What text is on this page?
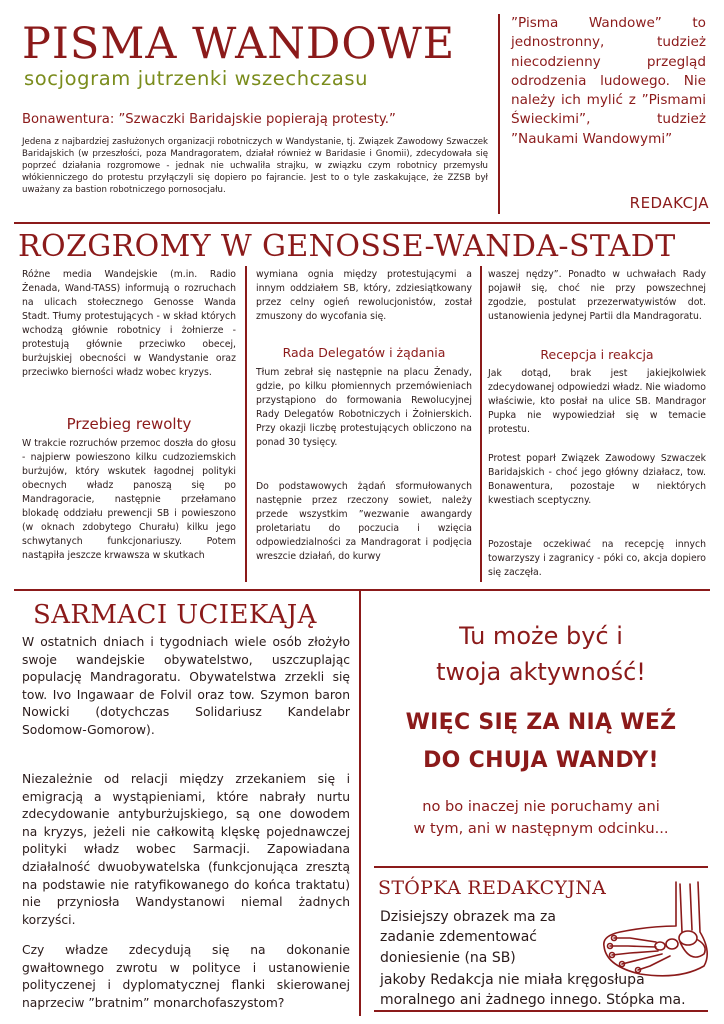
PISMA WANDOWE
socjogram jutrzenki wszechczasu
”Pisma Wandowe” to jednostronny, tudzież niecodzienny przegląd odrodzenia ludowego. Nie należy ich mylić z ”Pismami Świeckimi”, tudzież ”Naukami Wandowymi”
REDAKCJA
Bonawentura: ”Szwaczki Baridajskie popierają protesty.”

Jedena z najbardziej zasłużonych organizacji robotniczych w Wandystanie, tj. Związek Zawodowy Szwaczek Baridajskich (w przeszłości, poza Mandragoratem, działał również w Baridasie i Gnomii), zdecydowała się poprzeć działania rozgromowe - jednak nie uchwaliła strajku, w związku czym robotnicy przemysłu włókienniczego do protestu przyłączyli się dopiero po fajrancie. Jest to o tyle zaskakujące, że ZZSB był uważany za bastion robotniczego pornosocjału.

ROZGROMY W GENOSSE-WANDA-STADT

Różne media Wandejskie (m.in. Radio Żenada, Wand-TASS) informują o rozruchach na ulicach stołecznego Genosse Wanda Stadt. Tłumy protestujących - w skład których wchodzą głównie robotnicy i żołnierze - protestują głównie przeciwko obecej, burżujskiej obecności w Wandystanie oraz przeciwko bierności władz wobec kryzys.

Przebieg rewolty

W trakcie rozruchów przemoc doszła do głosu - najpierw powieszono kilku cudzoziemskich burżujów, który wskutek łagodnej polityki obecnych władz panoszą się po Mandragoracie, następnie przełamano blokadę oddziału prewencji SB i powieszono (w oknach zdobytego Churału) kilku jego schwytanych funkcjonariuszy. Potem nastąpiła jeszcze krwawsza w skutkach

wymiana ognia między protestującymi a innym oddziałem SB, który, zdziesiątkowany przez celny ogień rewolucjonistów, został zmuszony do wycofania się.

Rada Delegatów i żądania

Tłum zebrał się następnie na placu Żenady, gdzie, po kilku płomiennych przemówieniach przystąpiono do formowania Rewolucyjnej Rady Delegatów Robotniczych i Żołnierskich. Przy okazji liczbę protestujących obliczono na ponad 30 tysięcy.

Do podstawowych żądań sformułowanych następnie przez rzeczony sowiet, należy przede wszystkim ”wezwanie awangardy proletariatu do poczucia i wzięcia odpowiedzialności za Mandragorat i podjęcia wreszcie działań, do kurwy

waszej nędzy”. Ponadto w uchwałach Rady pojawił się, choć nie przy powszechnej zgodzie, postulat przezerwatywistów dot. ustanowienia jedynej Partii dla Mandragoratu.

Recepcja i reakcja

Jak dotąd, brak jest jakiejkolwiek zdecydowanej odpowiedzi władz. Nie wiadomo właściwie, kto posłał na ulice SB. Mandragor Pupka nie wypowiedział się w temacie protestu.

Protest poparł Związek Zawodowy Szwaczek Baridajskich - choć jego główny działacz, tow. Bonawentura, pozostaje w niektórych kwestiach sceptyczny.

Pozostaje oczekiwać na recepcję innych towarzyszy i zagranicy - póki co, akcja dopiero się zaczęła.

SARMACI UCIEKAJĄ

W ostatnich dniach i tygodniach wiele osób złożyło swoje wandejskie obywatelstwo, uszczuplając populację Mandragoratu. Obywatelstwa zrzekli się tow. Ivo Ingawaar de Folvil oraz tow. Szymon baron Nowicki (dotychczas Solidariusz Kandelabr Sodomow-Gomorow).

Niezależnie od relacji między zrzekaniem się i emigracją a wystąpieniami, które nabrały nurtu zdecydowanie antyburżujskiego, są one dowodem na kryzys, jeżeli nie całkowitą klęskę pojednawczej polityki władz wobec Sarmacji. Zapowiadana działalność dwuobywatelska (funkcjonująca zresztą na podstawie nie ratyfikowanego do końca traktatu) nie przyniosła Wandystanowi niemal żadnych korzyści.

Czy władze zdecydują się na dokonanie gwałtownego zwrotu w polityce i ustanowienie polityczenej i dyplomatycznej flanki skierowanej naprzeciw ”bratnim” monarchofaszystom?

Tu może być i
twoja aktywność!
WIĘC SIĘ ZA NIĄ WEŹ
DO CHUJA WANDY!
no bo inaczej nie poruchamy ani
w tym, ani w następnym odcinku...
STÓPKA REDAKCYJNA

Dzisiejszy obrazek ma za zadanie zdementować doniesienie (na SB)

jakoby Redakcja nie miała kręgosłupa moralnego ani żadnego innego. Stópka ma.
